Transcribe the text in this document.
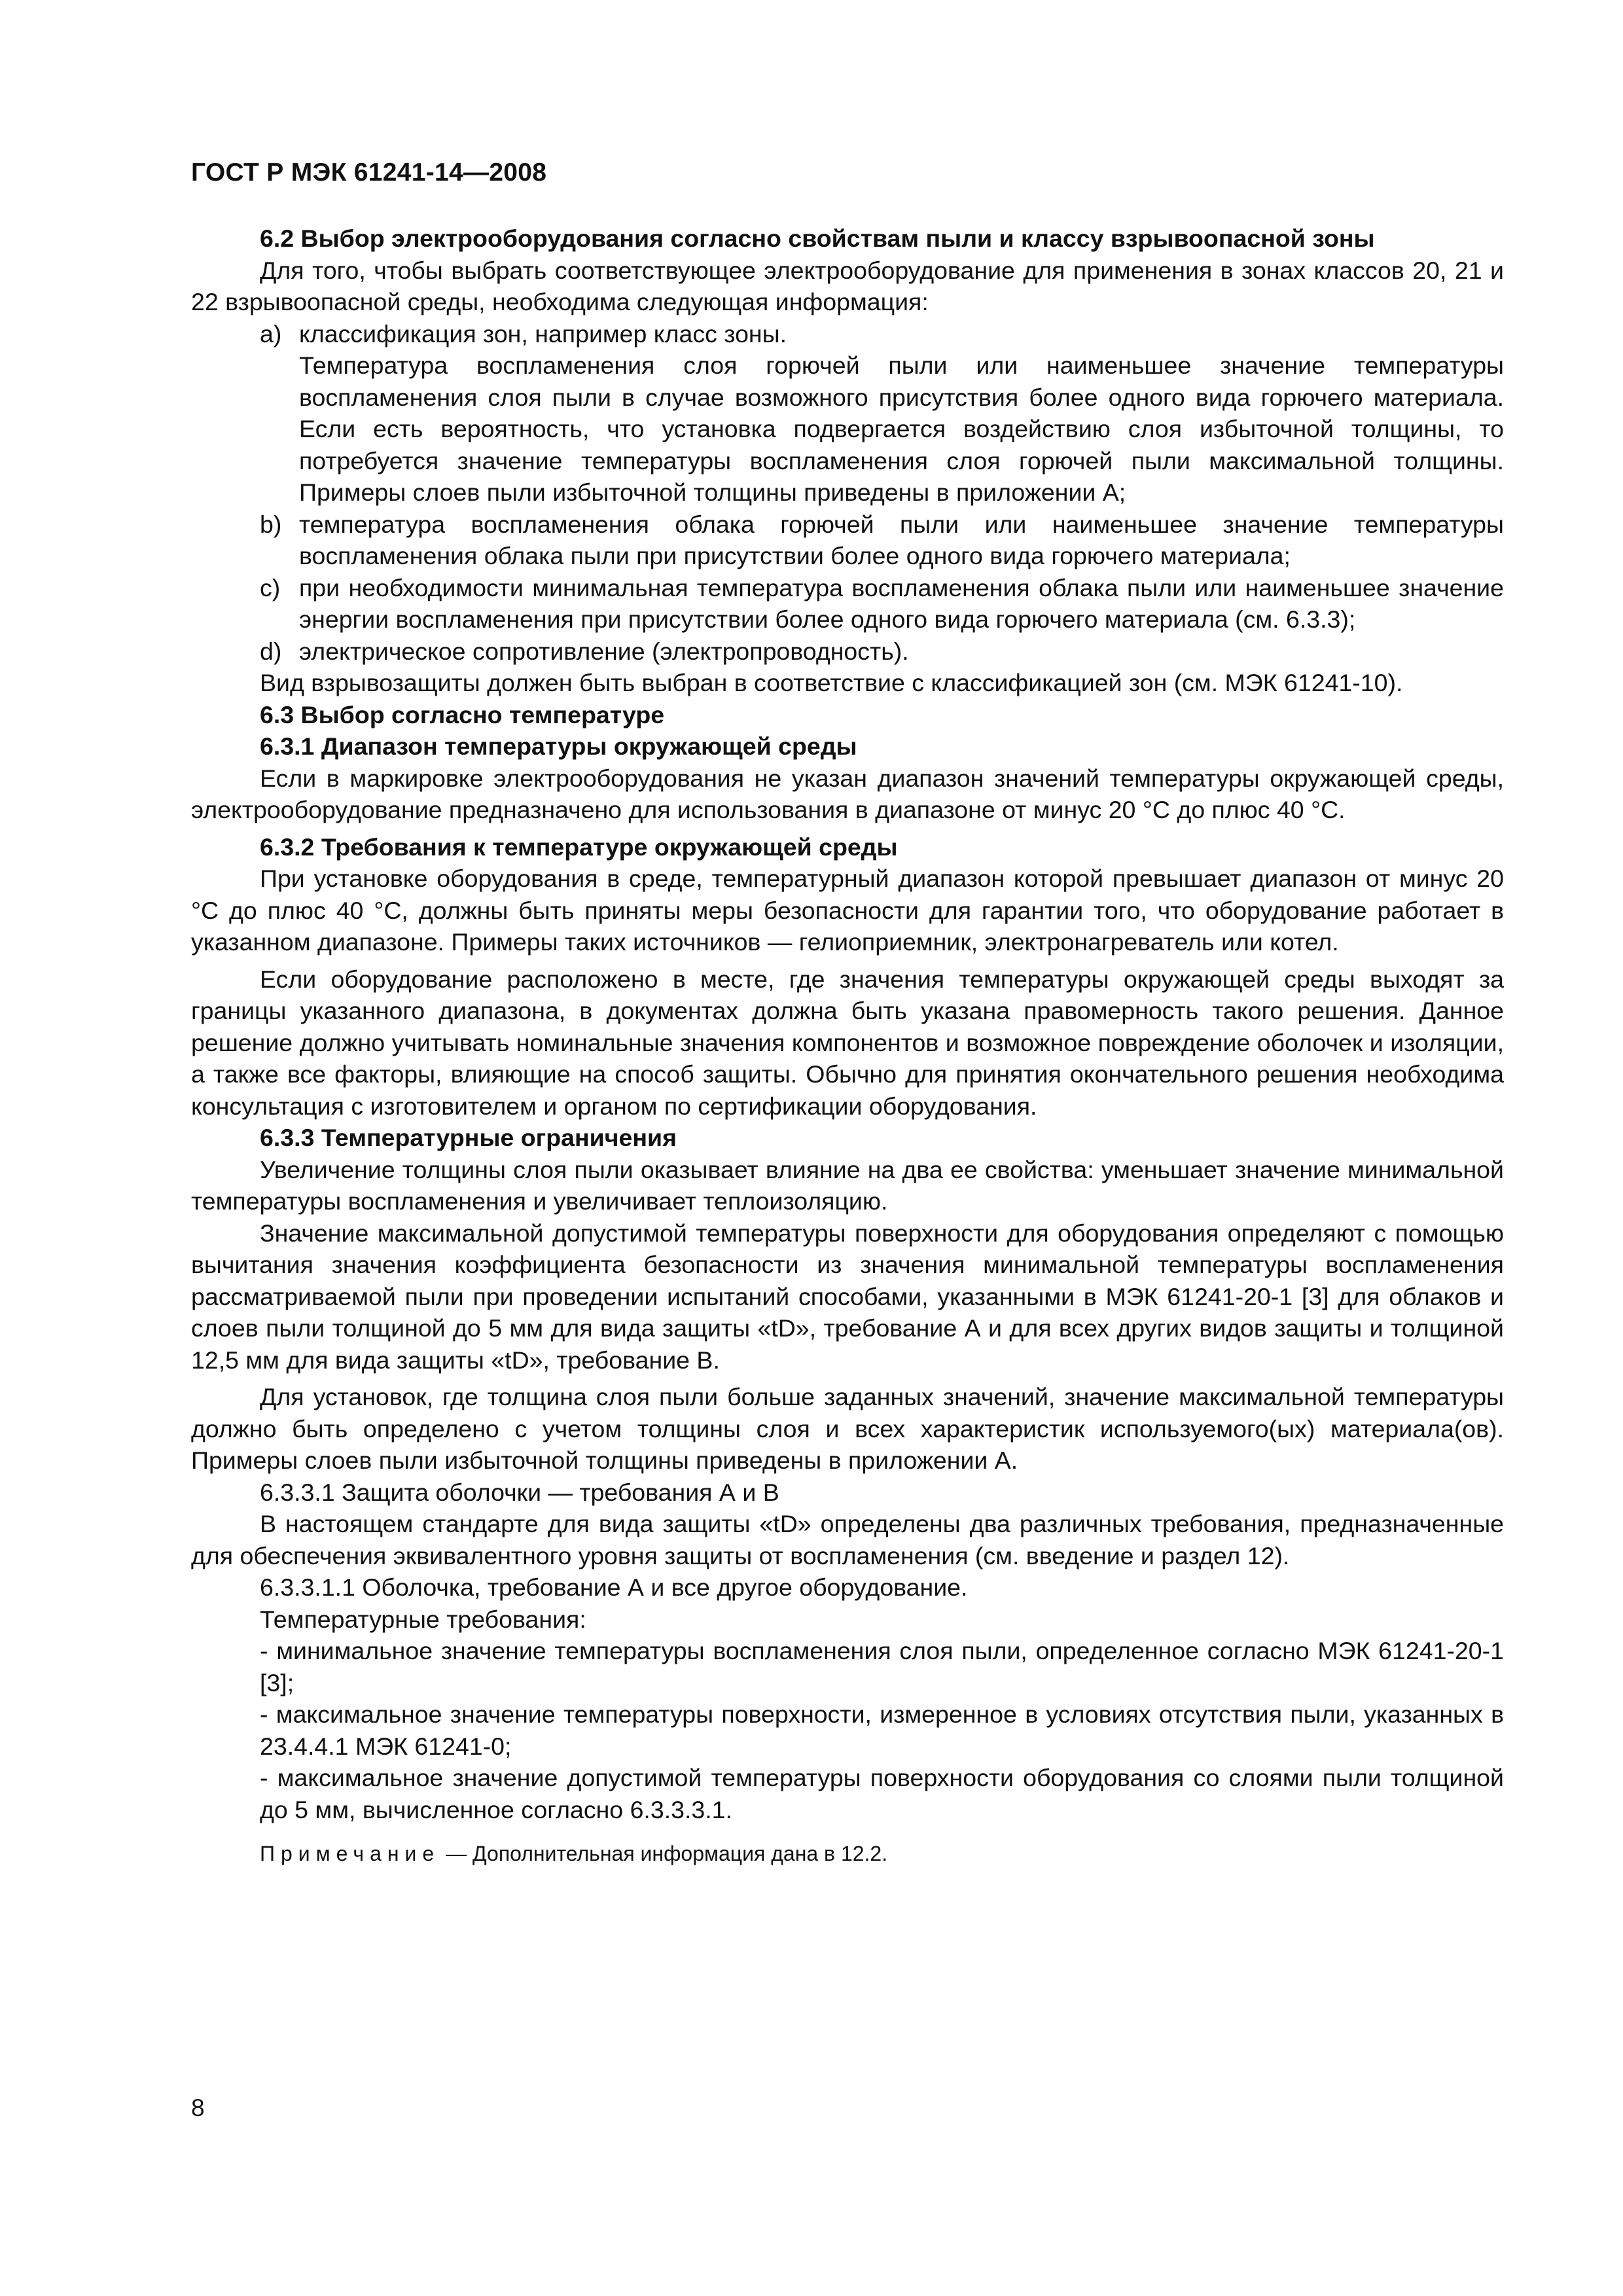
ГОСТ Р МЭК 61241-14—2008

6.2 Выбор электрооборудования согласно свойствам пыли и классу взрывоопасной зоны

Для того, чтобы выбрать соответствующее электрооборудование для применения в зонах классов 20, 21 и 22 взрывоопасной среды, необходима следующая информация:

a) классификация зон, например класс зоны.

Температура воспламенения слоя горючей пыли или наименьшее значение температуры воспламенения слоя пыли в случае возможного присутствия более одного вида горючего материала. Если есть вероятность, что установка подвергается воздействию слоя избыточной толщины, то потребуется значение температуры воспламенения слоя горючей пыли максимальной толщины. Примеры слоев пыли избыточной толщины приведены в приложении А;

b) температура воспламенения облака горючей пыли или наименьшее значение температуры воспламенения облака пыли при присутствии более одного вида горючего материала;

c) при необходимости минимальная температура воспламенения облака пыли или наименьшее значение энергии воспламенения при присутствии более одного вида горючего материала (см. 6.3.3);

d) электрическое сопротивление (электропроводность).

Вид взрывозащиты должен быть выбран в соответствие с классификацией зон (см. МЭК 61241-10).

6.3 Выбор согласно температуре

6.3.1 Диапазон температуры окружающей среды

Если в маркировке электрооборудования не указан диапазон значений температуры окружающей среды, электрооборудование предназначено для использования в диапазоне от минус 20 °С до плюс 40 °С.

6.3.2 Требования к температуре окружающей среды

При установке оборудования в среде, температурный диапазон которой превышает диапазон от минус 20 °С до плюс 40 °С, должны быть приняты меры безопасности для гарантии того, что оборудование работает в указанном диапазоне. Примеры таких источников — гелиоприемник, электронагреватель или котел.

Если оборудование расположено в месте, где значения температуры окружающей среды выходят за границы указанного диапазона, в документах должна быть указана правомерность такого решения. Данное решение должно учитывать номинальные значения компонентов и возможное повреждение оболочек и изоляции, а также все факторы, влияющие на способ защиты. Обычно для принятия окончательного решения необходима консультация с изготовителем и органом по сертификации оборудования.

6.3.3 Температурные ограничения

Увеличение толщины слоя пыли оказывает влияние на два ее свойства: уменьшает значение минимальной температуры воспламенения и увеличивает теплоизоляцию.

Значение максимальной допустимой температуры поверхности для оборудования определяют с помощью вычитания значения коэффициента безопасности из значения минимальной температуры воспламенения рассматриваемой пыли при проведении испытаний способами, указанными в МЭК 61241-20-1 [3] для облаков и слоев пыли толщиной до 5 мм для вида защиты «tD», требование А и для всех других видов защиты и толщиной 12,5 мм для вида защиты «tD», требование В.

Для установок, где толщина слоя пыли больше заданных значений, значение максимальной температуры должно быть определено с учетом толщины слоя и всех характеристик используемого(ых) материала(ов). Примеры слоев пыли избыточной толщины приведены в приложении А.

6.3.3.1 Защита оболочки — требования А и В

В настоящем стандарте для вида защиты «tD» определены два различных требования, предназначенные для обеспечения эквивалентного уровня защиты от воспламенения (см. введение и раздел 12).

6.3.3.1.1 Оболочка, требование А и все другое оборудование.

Температурные требования:

- минимальное значение температуры воспламенения слоя пыли, определенное согласно МЭК 61241-20-1 [3];

- максимальное значение температуры поверхности, измеренное в условиях отсутствия пыли, указанных в 23.4.4.1 МЭК 61241-0;

- максимальное значение допустимой температуры поверхности оборудования со слоями пыли толщиной до 5 мм, вычисленное согласно 6.3.3.3.1.

Примечание — Дополнительная информация дана в 12.2.

8
